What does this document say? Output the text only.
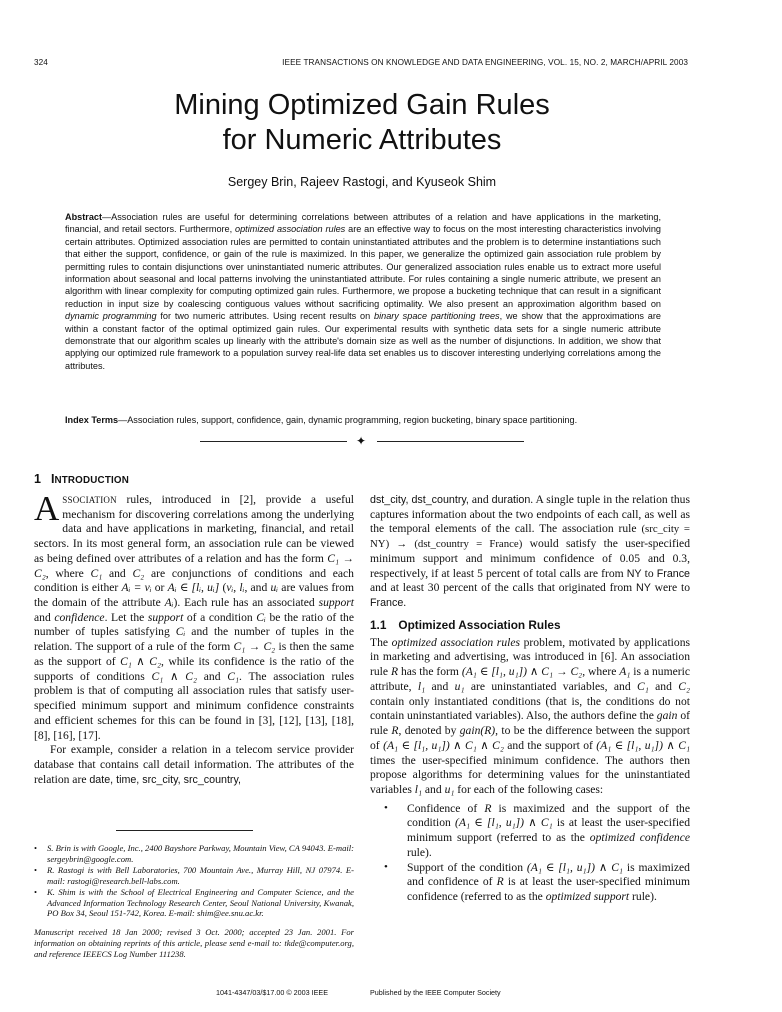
324	IEEE TRANSACTIONS ON KNOWLEDGE AND DATA ENGINEERING, VOL. 15, NO. 2, MARCH/APRIL 2003
Mining Optimized Gain Rules
for Numeric Attributes
Sergey Brin, Rajeev Rastogi, and Kyuseok Shim

Abstract—Association rules are useful for determining correlations between attributes of a relation and have applications in the marketing, financial, and retail sectors. Furthermore, optimized association rules are an effective way to focus on the most interesting characteristics involving certain attributes. Optimized association rules are permitted to contain uninstantiated attributes and the problem is to determine instantiations such that either the support, confidence, or gain of the rule is maximized. In this paper, we generalize the optimized gain association rule problem by permitting rules to contain disjunctions over uninstantiated numeric attributes. Our generalized association rules enable us to extract more useful information about seasonal and local patterns involving the uninstantiated attribute. For rules containing a single numeric attribute, we present an algorithm with linear complexity for computing optimized gain rules. Furthermore, we propose a bucketing technique that can result in a significant reduction in input size by coalescing contiguous values without sacrificing optimality. We also present an approximation algorithm based on dynamic programming for two numeric attributes. Using recent results on binary space partitioning trees, we show that the approximations are within a constant factor of the optimal optimized gain rules. Our experimental results with synthetic data sets for a single numeric attribute demonstrate that our algorithm scales up linearly with the attribute's domain size as well as the number of disjunctions. In addition, we show that applying our optimized rule framework to a population survey real-life data set enables us to discover interesting underlying correlations among the attributes.

Index Terms—Association rules, support, confidence, gain, dynamic programming, region bucketing, binary space partitioning.
✦
1 INTRODUCTION

ASSOCIATION rules, introduced in [2], provide a useful mechanism for discovering correlations among the underlying data and have applications in marketing, financial, and retail sectors. In its most general form, an association rule can be viewed as being defined over attributes of a relation and has the form C₁ → C₂, where C₁ and C₂ are conjunctions of conditions and each condition is either Aᵢ = vᵢ or Aᵢ ∈ [lᵢ, uᵢ] (vᵢ, lᵢ, and uᵢ are values from the domain of the attribute Aᵢ). Each rule has an associated support and confidence. Let the support of a condition Cᵢ be the ratio of the number of tuples satisfying Cᵢ and the number of tuples in the relation. The support of a rule of the form C₁ → C₂ is then the same as the support of C₁ ∧ C₂, while its confidence is the ratio of the supports of conditions C₁ ∧ C₂ and C₁. The association rules problem is that of computing all association rules that satisfy user-specified minimum support and minimum confidence constraints and efficient schemes for this can be found in [3], [12], [13], [18], [8], [16], [17].

For example, consider a relation in a telecom service provider database that contains call detail information. The attributes of the relation are date, time, src_city, src_country,

dst_city, dst_country, and duration. A single tuple in the relation thus captures information about the two endpoints of each call, as well as the temporal elements of the call. The association rule (src_city = NY) → (dst_country = France) would satisfy the user-specified minimum support and minimum confidence of 0.05 and 0.3, respectively, if at least 5 percent of total calls are from NY to France and at least 30 percent of the calls that originated from NY were to France.

1.1 Optimized Association Rules

The optimized association rules problem, motivated by applications in marketing and advertising, was introduced in [6]. An association rule R has the form (A₁ ∈ [l₁, u₁]) ∧ C₁ → C₂, where A₁ is a numeric attribute, l₁ and u₁ are uninstantiated variables, and C₁ and C₂ contain only instantiated conditions (that is, the conditions do not contain uninstantiated variables). Also, the authors define the gain of rule R, denoted by gain(R), to be the difference between the support of (A₁ ∈ [l₁, u₁]) ∧ C₁ ∧ C₂ and the support of (A₁ ∈ [l₁, u₁]) ∧ C₁ times the user-specified minimum confidence. The authors then propose algorithms for determining values for the uninstantiated variables l₁ and u₁ for each of the following cases:

• Confidence of R is maximized and the support of the condition (A₁ ∈ [l₁, u₁]) ∧ C₁ is at least the user-specified minimum support (referred to as the optimized confidence rule).
• Support of the condition (A₁ ∈ [l₁, u₁]) ∧ C₁ is maximized and confidence of R is at least the user-specified minimum confidence (referred to as the optimized support rule).
• S. Brin is with Google, Inc., 2400 Bayshore Parkway, Mountain View, CA 94043. E-mail: sergeybrin@google.com.
• R. Rastogi is with Bell Laboratories, 700 Mountain Ave., Murray Hill, NJ 07974. E-mail: rastogi@research.bell-labs.com.
• K. Shim is with the School of Electrical Engineering and Computer Science, and the Advanced Information Technology Research Center, Seoul National University, Kwanak, PO Box 34, Seoul 151-742, Korea. E-mail: shim@ee.snu.ac.kr.
Manuscript received 18 Jan 2000; revised 3 Oct. 2000; accepted 23 Jan. 2001. For information on obtaining reprints of this article, please send e-mail to: tkde@computer.org, and reference IEEECS Log Number 111238.
1041-4347/03/$17.00 © 2003 IEEE	Published by the IEEE Computer Society
